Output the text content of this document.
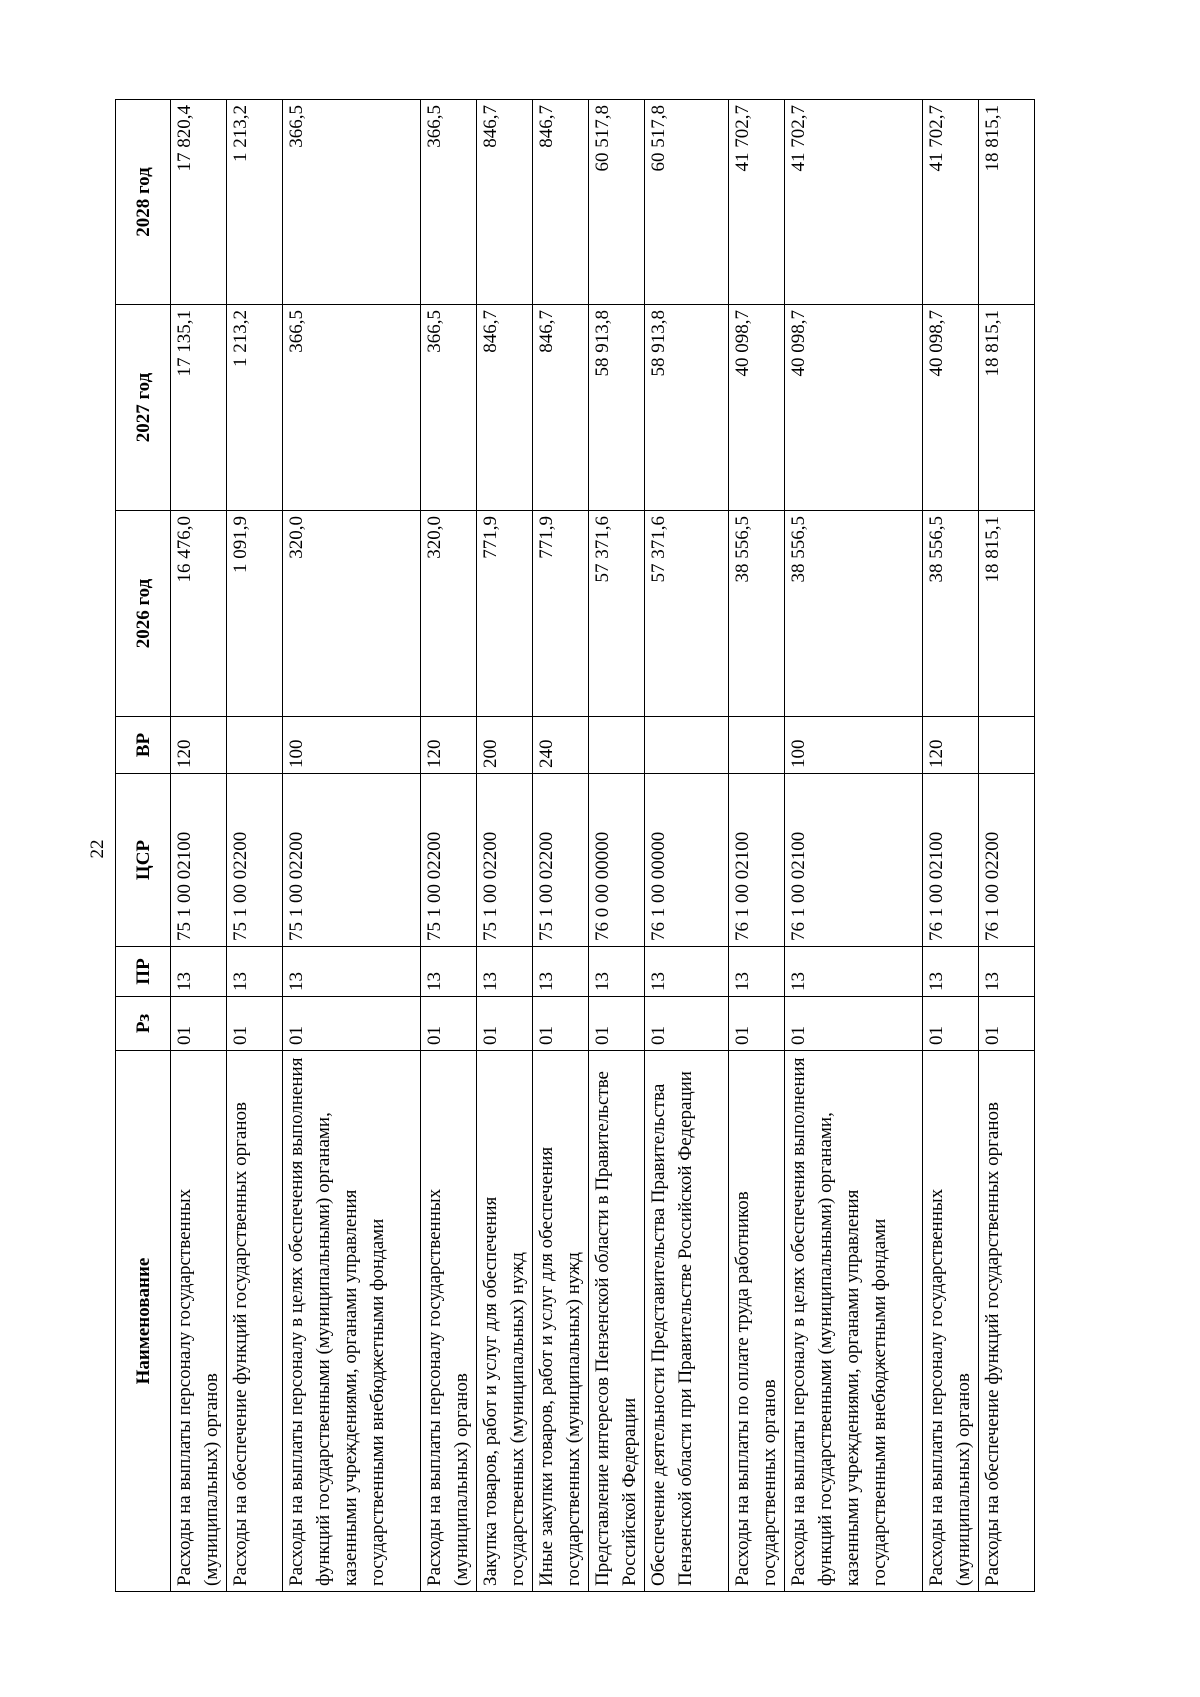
22
Наименование	Рз	ПР	ЦСР	ВР	2026 год	2027 год	2028 год
Расходы на выплаты персоналу государственных (муниципальных) органов	01	13	75 1 00 02100	120	16 476,0	17 135,1	17 820,4
Расходы на обеспечение функций государственных органов	01	13	75 1 00 02200		1 091,9	1 213,2	1 213,2
Расходы на выплаты персоналу в целях обеспечения выполнения функций государственными (муниципальными) органами, казенными учреждениями, органами управления государственными внебюджетными фондами	01	13	75 1 00 02200	100	320,0	366,5	366,5
Расходы на выплаты персоналу государственных (муниципальных) органов	01	13	75 1 00 02200	120	320,0	366,5	366,5
Закупка товаров, работ и услуг для обеспечения государственных (муниципальных) нужд	01	13	75 1 00 02200	200	771,9	846,7	846,7
Иные закупки товаров, работ и услуг для обеспечения государственных (муниципальных) нужд	01	13	75 1 00 02200	240	771,9	846,7	846,7
Представление интересов Пензенской области в Правительстве Российской Федерации	01	13	76 0 00 00000		57 371,6	58 913,8	60 517,8
Обеспечение деятельности Представительства Правительства Пензенской области при Правительстве Российской Федерации	01	13	76 1 00 00000		57 371,6	58 913,8	60 517,8
Расходы на выплаты по оплате труда работников государственных органов	01	13	76 1 00 02100		38 556,5	40 098,7	41 702,7
Расходы на выплаты персоналу в целях обеспечения выполнения функций государственными (муниципальными) органами, казенными учреждениями, органами управления государственными внебюджетными фондами	01	13	76 1 00 02100	100	38 556,5	40 098,7	41 702,7
Расходы на выплаты персоналу государственных (муниципальных) органов	01	13	76 1 00 02100	120	38 556,5	40 098,7	41 702,7
Расходы на обеспечение функций государственных органов	01	13	76 1 00 02200		18 815,1	18 815,1	18 815,1
